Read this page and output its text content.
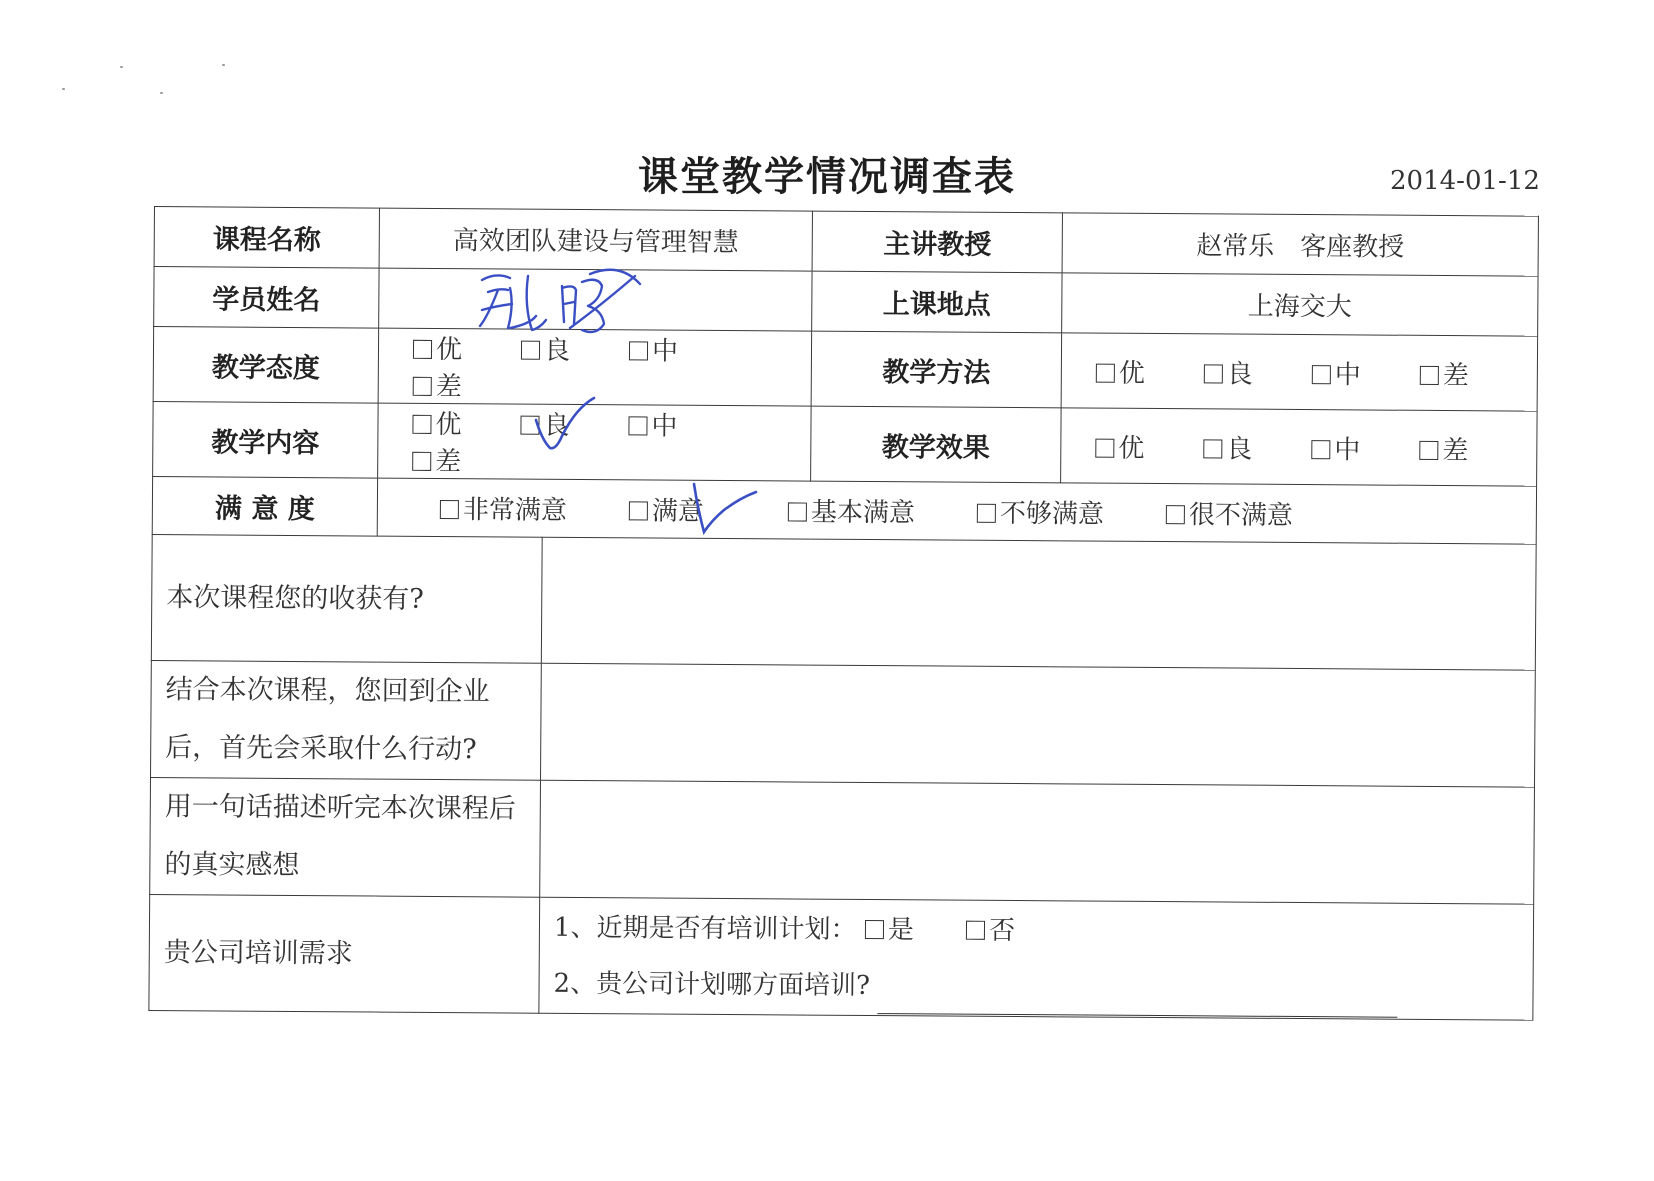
课堂教学情况调查表	2014-01-12
课程名称	高效团队建设与管理智慧		主讲教授	赵常乐　客座教授
学员姓名			上课地点	上海交大
教学态度	优 良 中差		教学方法	优 良 中 差
教学内容	优 良 中差		教学效果	优 良 中 差
满 意 度	非常满意 满意 基本满意 不够满意 很不满意			
本次课程您的收获有?				
结合本次课程，您回到企业后，首先会采取什么行动?				
用一句话描述听完本次课程后的真实感想				
贵公司培训需求		1、近期是否有培训计划： 是 否
2、贵公司计划哪方面培训?		
